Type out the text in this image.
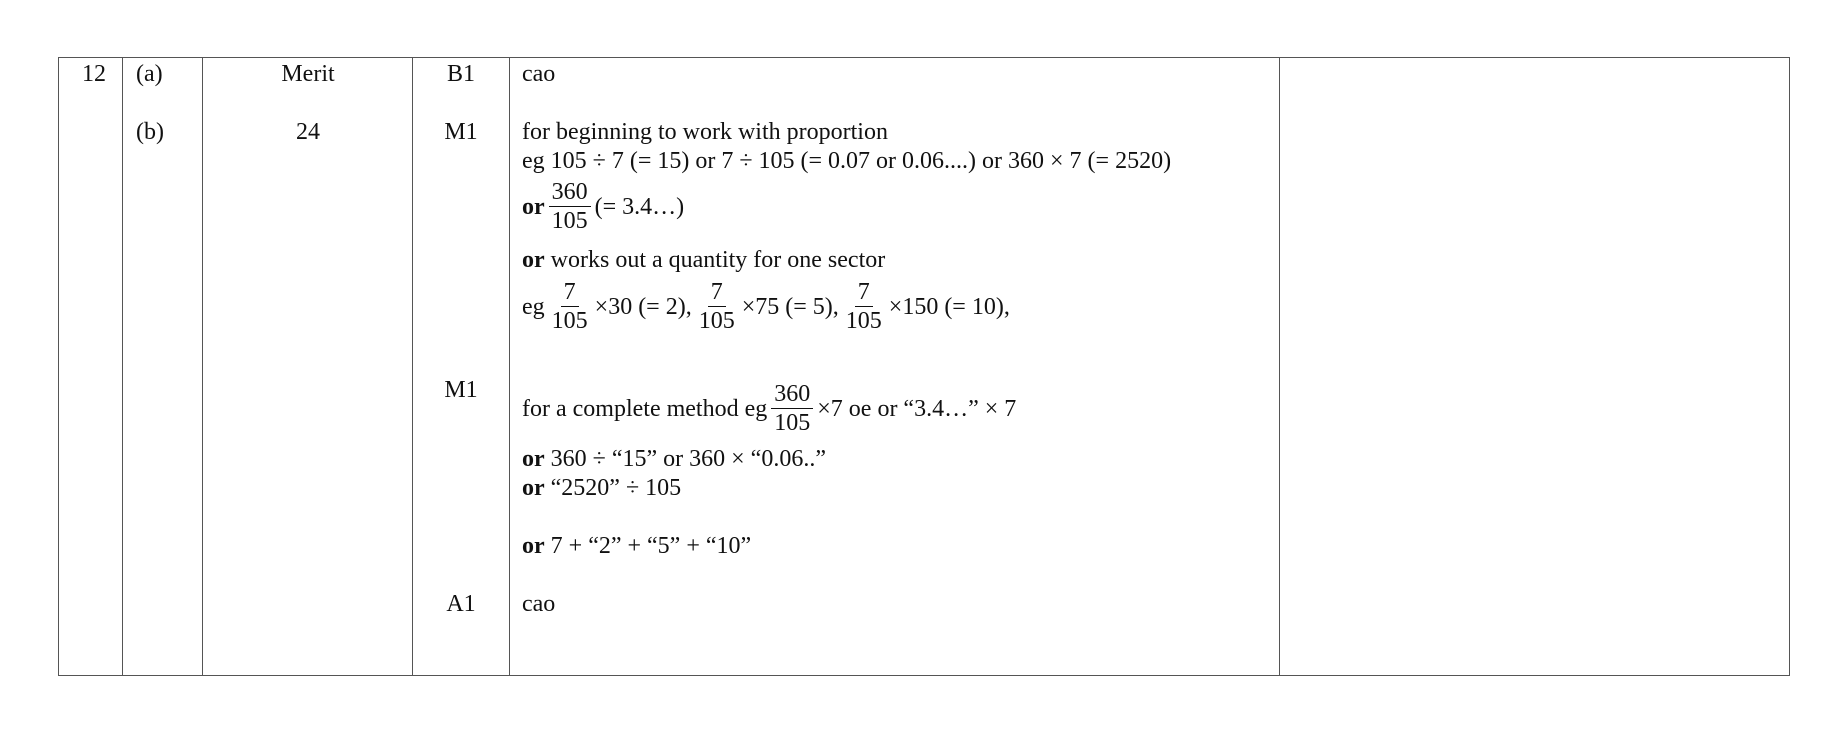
12	(a)
(b)
Merit
24
B1
M1
M1
A1
cao
for beginning to work with proportion
eg 105 ÷ 7 (= 15) or 7 ÷ 105 (= 0.07 or 0.06....) or 360 × 7 (= 2520)
or $\frac{360}{105}$ (= 3.4…)
or works out a quantity for one sector
eg $\frac{7}{105} \times 30$ (= 2), $\frac{7}{105} \times 75$ (= 5), $\frac{7}{105} \times 150$ (= 10),
for a complete method eg $\frac{360}{105} \times 7$ oe or “3.4…” × 7
or 360 ÷ “15” or 360 × “0.06..”
or “2520” ÷ 105
or 7 + “2” + “5” + “10”
cao
